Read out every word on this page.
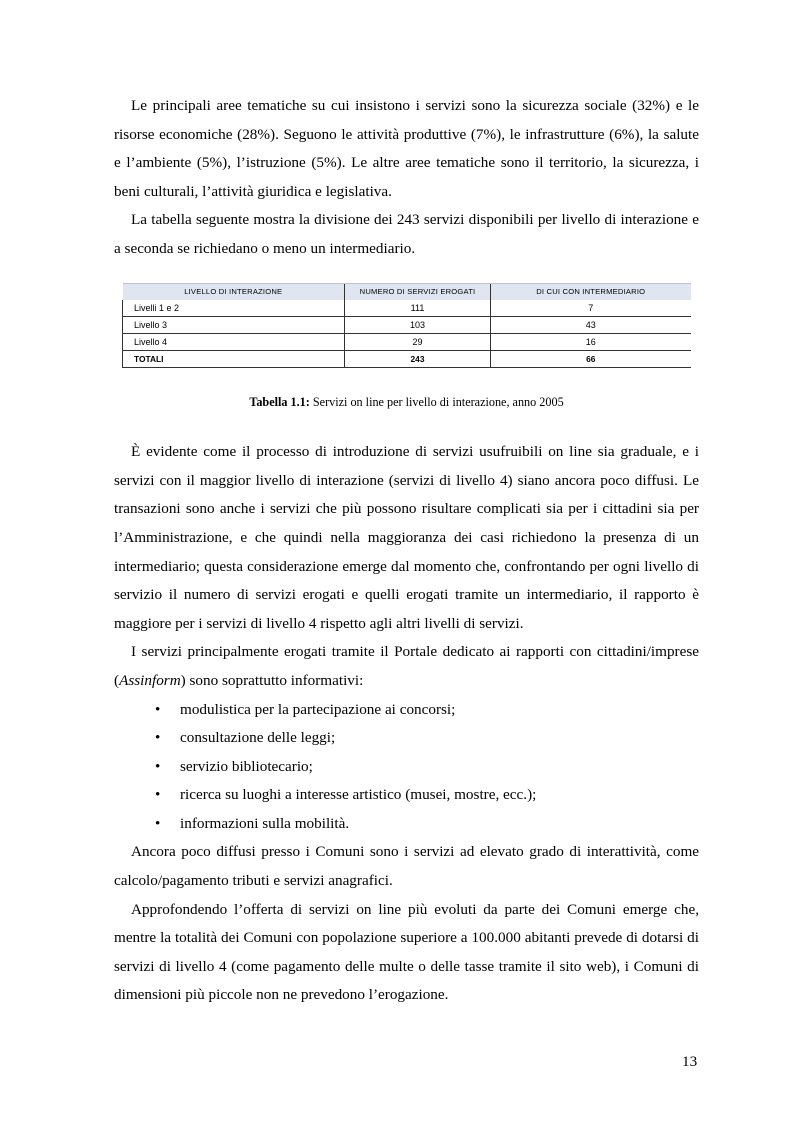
Le principali aree tematiche su cui insistono i servizi sono la sicurezza sociale (32%) e le risorse economiche (28%). Seguono le attività produttive (7%), le infrastrutture (6%), la salute e l’ambiente (5%), l’istruzione (5%). Le altre aree tematiche sono il territorio, la sicurezza, i beni culturali, l’attività giuridica e legislativa.

La tabella seguente mostra la divisione dei 243 servizi disponibili per livello di interazione e a seconda se richiedano o meno un intermediario.

LIVELLO DI INTERAZIONE	NUMERO DI SERVIZI EROGATI	DI CUI CON INTERMEDIARIO
Livelli 1 e 2	111	7
Livello 3	103	43
Livello 4	29	16
TOTALI	243	66

Tabella 1.1: Servizi on line per livello di interazione, anno 2005

È evidente come il processo di introduzione di servizi usufruibili on line sia graduale, e i servizi con il maggior livello di interazione (servizi di livello 4) siano ancora poco diffusi. Le transazioni sono anche i servizi che più possono risultare complicati sia per i cittadini sia per l’Amministrazione, e che quindi nella maggioranza dei casi richiedono la presenza di un intermediario; questa considerazione emerge dal momento che, confrontando per ogni livello di servizio il numero di servizi erogati e quelli erogati tramite un intermediario, il rapporto è maggiore per i servizi di livello 4 rispetto agli altri livelli di servizi.

I servizi principalmente erogati tramite il Portale dedicato ai rapporti con cittadini/imprese (Assinform) sono soprattutto informativi:

• modulistica per la partecipazione ai concorsi;
• consultazione delle leggi;
• servizio bibliotecario;
• ricerca su luoghi a interesse artistico (musei, mostre, ecc.);
• informazioni sulla mobilità.

Ancora poco diffusi presso i Comuni sono i servizi ad elevato grado di interattività, come calcolo/pagamento tributi e servizi anagrafici.

Approfondendo l’offerta di servizi on line più evoluti da parte dei Comuni emerge che, mentre la totalità dei Comuni con popolazione superiore a 100.000 abitanti prevede di dotarsi di servizi di livello 4 (come pagamento delle multe o delle tasse tramite il sito web), i Comuni di dimensioni più piccole non ne prevedono l’erogazione.

13
